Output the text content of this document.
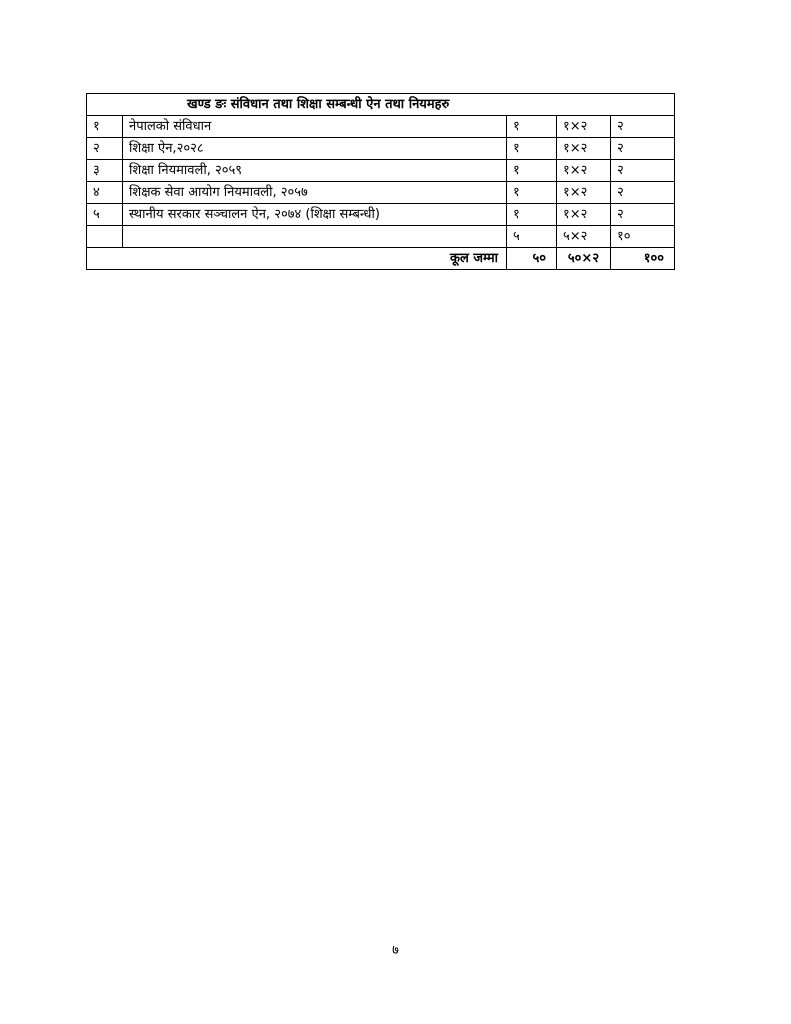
खण्ड ङः संविधान तथा शिक्षा सम्बन्धी ऐन तथा नियमहरु				
१	नेपालको संविधान	१	१×२	२
२	शिक्षा ऐन,२०२८	१	१×२	२
३	शिक्षा नियमावली, २०५९	१	१×२	२
४	शिक्षक सेवा आयोग नियमावली, २०५७	१	१×२	२
५	स्थानीय सरकार सञ्चालन ऐन, २०७४ (शिक्षा सम्बन्धी)	१	१×२	२
		५	५×२	१०
कूल जम्मा		५०	५०×२	१००
७
